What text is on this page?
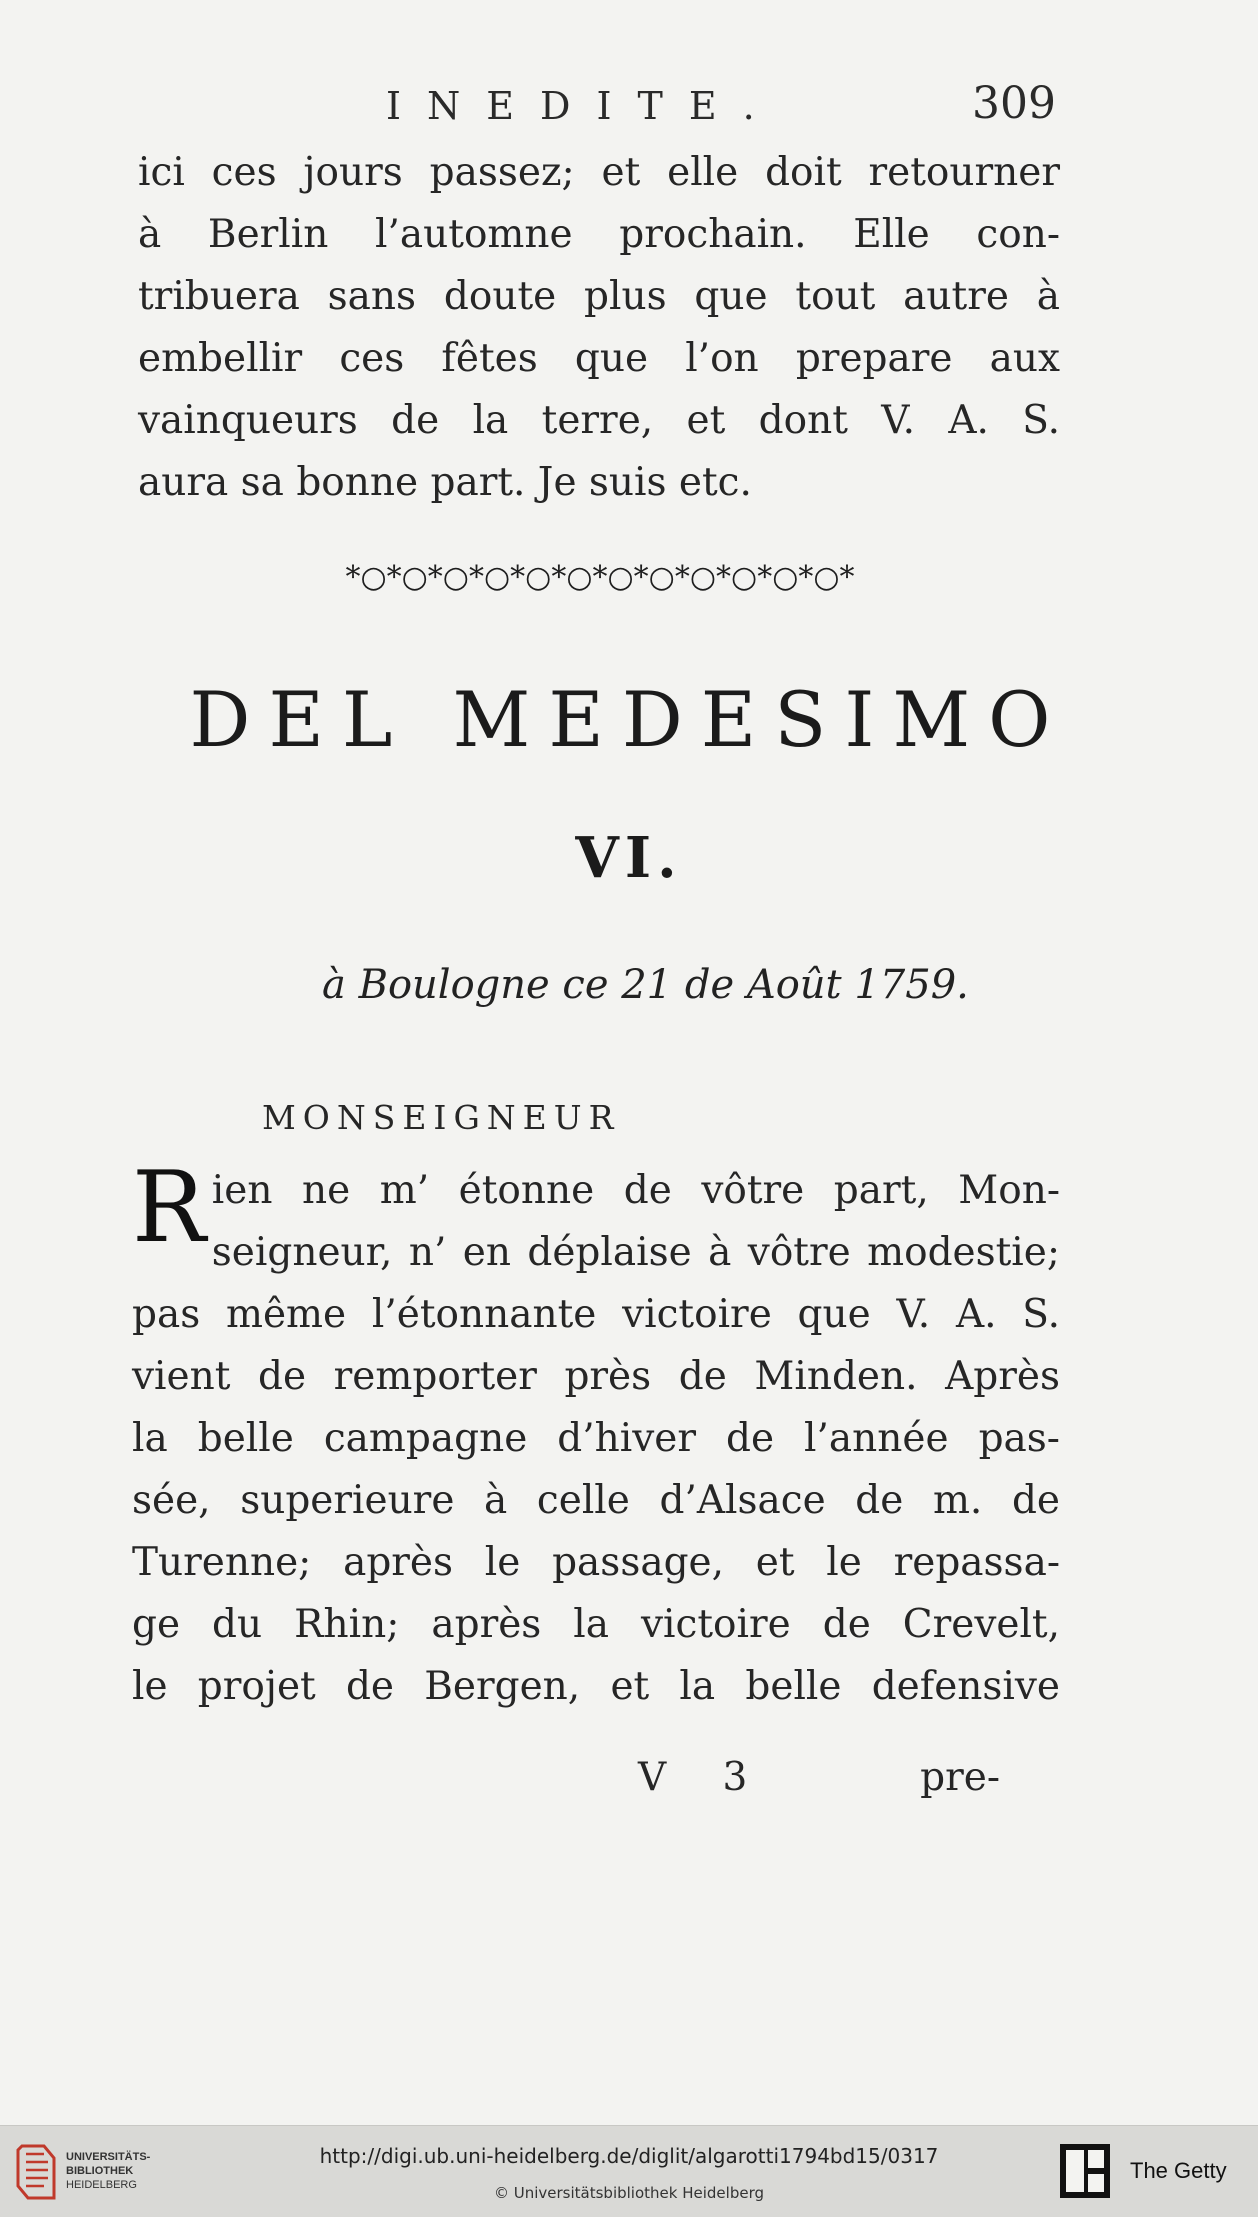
INEDITE.	309
ici ces jours passez; et elle doit retourner
à Berlin l’automne prochain. Elle con-
tribuera sans doute plus que tout autre à
embellir ces fêtes que l’on prepare aux
vainqueurs de la terre, et dont V. A. S.
aura sa bonne part. Je suis etc.
*○*○*○*○*○*○*○*○*○*○*○*○*
DEL MEDESIMO
VI.
à Boulogne ce 21 de Août 1759.
MONSEIGNEUR
Rien ne m’ étonne de vôtre part, Mon-
seigneur, n’ en déplaise à vôtre modestie;
pas même l’étonnante victoire que V. A. S.
vient de remporter près de Minden. Après
la belle campagne d’hiver de l’année pas-
sée, superieure à celle d’Alsace de m. de
Turenne; après le passage, et le repassa-
ge du Rhin; après la victoire de Crevelt,
le projet de Bergen, et la belle defensive
V 3	pre-
UNIVERSITÄTS-
BIBLIOTHEK
HEIDELBERG
http://digi.ub.uni-heidelberg.de/diglit/algarotti1794bd15/0317
© Universitätsbibliothek Heidelberg
The Getty
